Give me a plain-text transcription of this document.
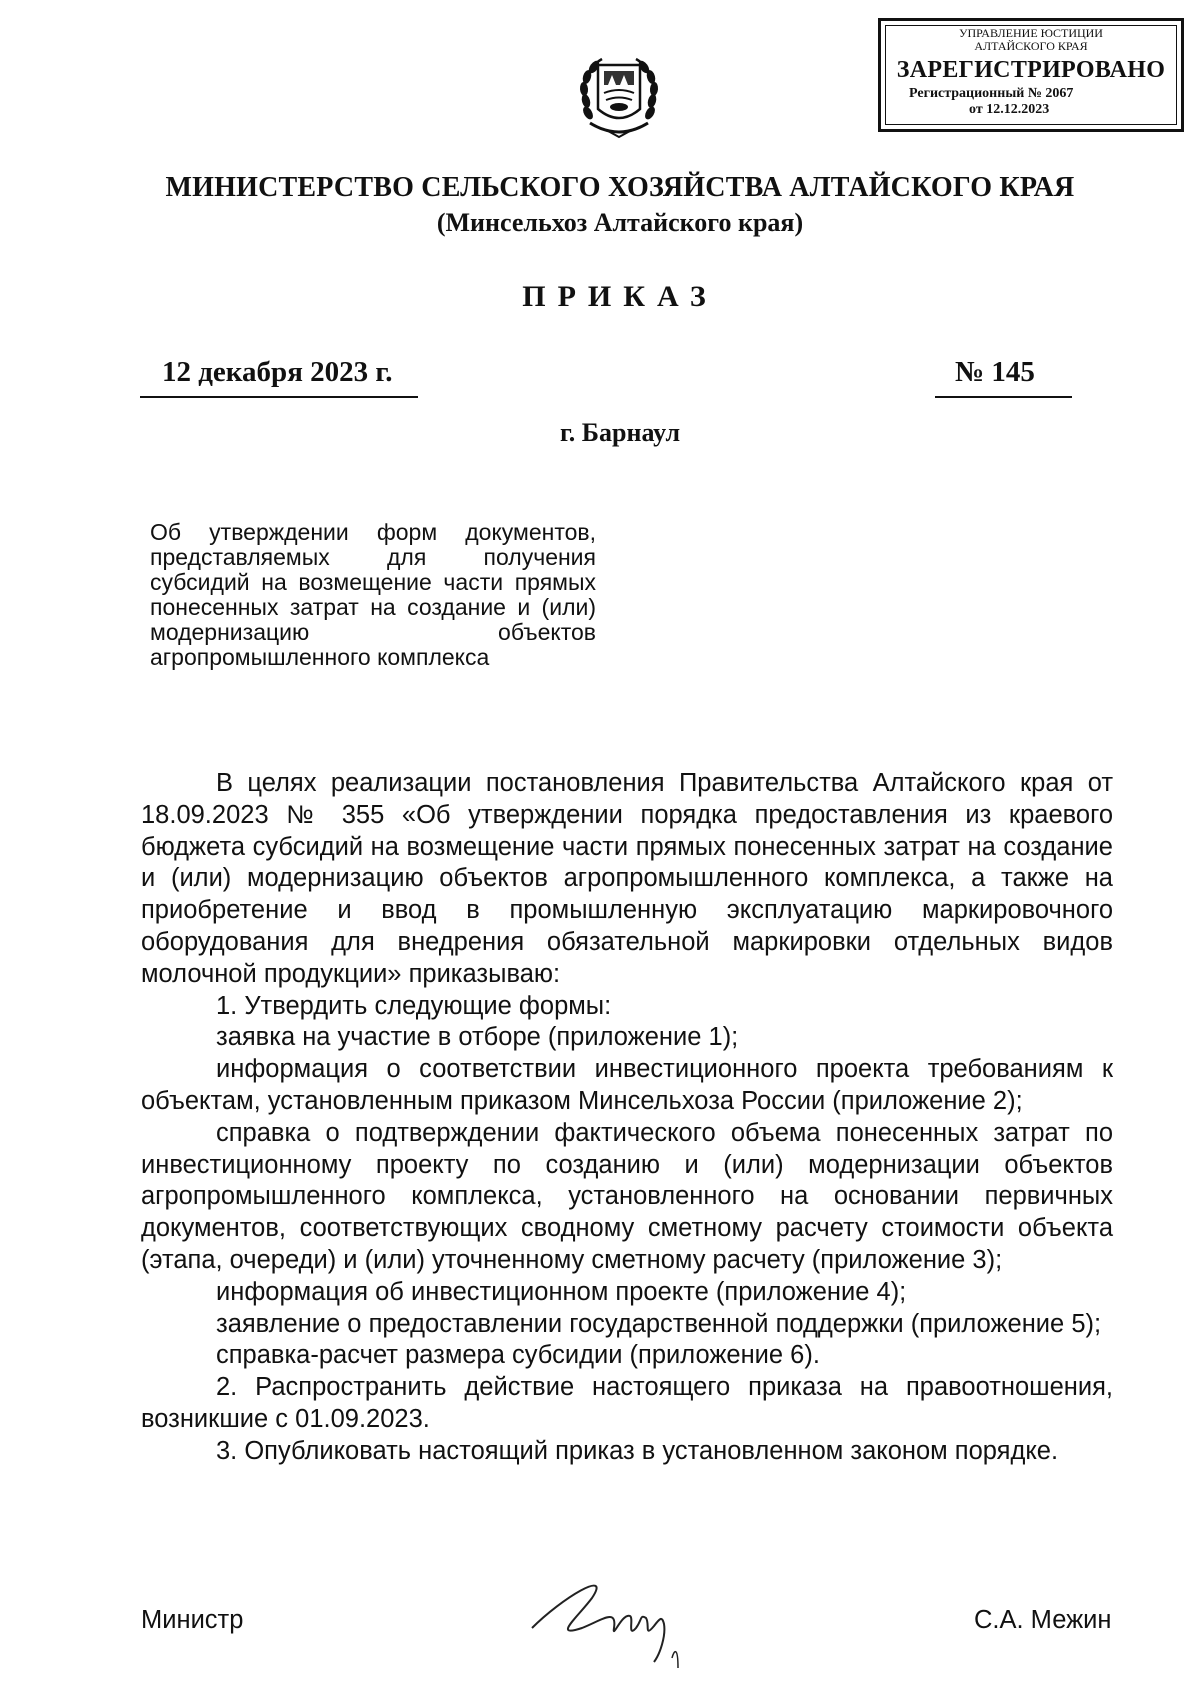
УПРАВЛЕНИЕ ЮСТИЦИИ
АЛТАЙСКОГО КРАЯ
ЗАРЕГИСТРИРОВАНО
Регистрационный № 2067
от 12.12.2023
МИНИСТЕРСТВО СЕЛЬСКОГО ХОЗЯЙСТВА АЛТАЙСКОГО КРАЯ
(Минсельхоз Алтайского края)
ПРИКАЗ
12 декабря 2023 г.	№ 145
г. Барнаул
Об утверждении форм документов, представляемых для получения субсидий на возмещение части прямых понесенных затрат на создание и (или) модернизацию объектов агропромышленного комплекса

В целях реализации постановления Правительства Алтайского края от 18.09.2023 № 355 «Об утверждении порядка предоставления из краевого бюджета субсидий на возмещение части прямых понесенных затрат на создание и (или) модернизацию объектов агропромышленного комплекса, а также на приобретение и ввод в промышленную эксплуатацию маркировочного оборудования для внедрения обязательной маркировки отдельных видов молочной продукции» приказываю:

1. Утвердить следующие формы:

заявка на участие в отборе (приложение 1);

информация о соответствии инвестиционного проекта требованиям к объектам, установленным приказом Минсельхоза России (приложение 2);

справка о подтверждении фактического объема понесенных затрат по инвестиционному проекту по созданию и (или) модернизации объектов агропромышленного комплекса, установленного на основании первичных документов, соответствующих сводному сметному расчету стоимости объекта (этапа, очереди) и (или) уточненному сметному расчету (приложение 3);

информация об инвестиционном проекте (приложение 4);

заявление о предоставлении государственной поддержки (приложение 5);

справка-расчет размера субсидии (приложение 6).

2. Распространить действие настоящего приказа на правоотношения, возникшие с 01.09.2023.

3. Опубликовать настоящий приказ в установленном законом порядке.

Министр	С.А. Межин
